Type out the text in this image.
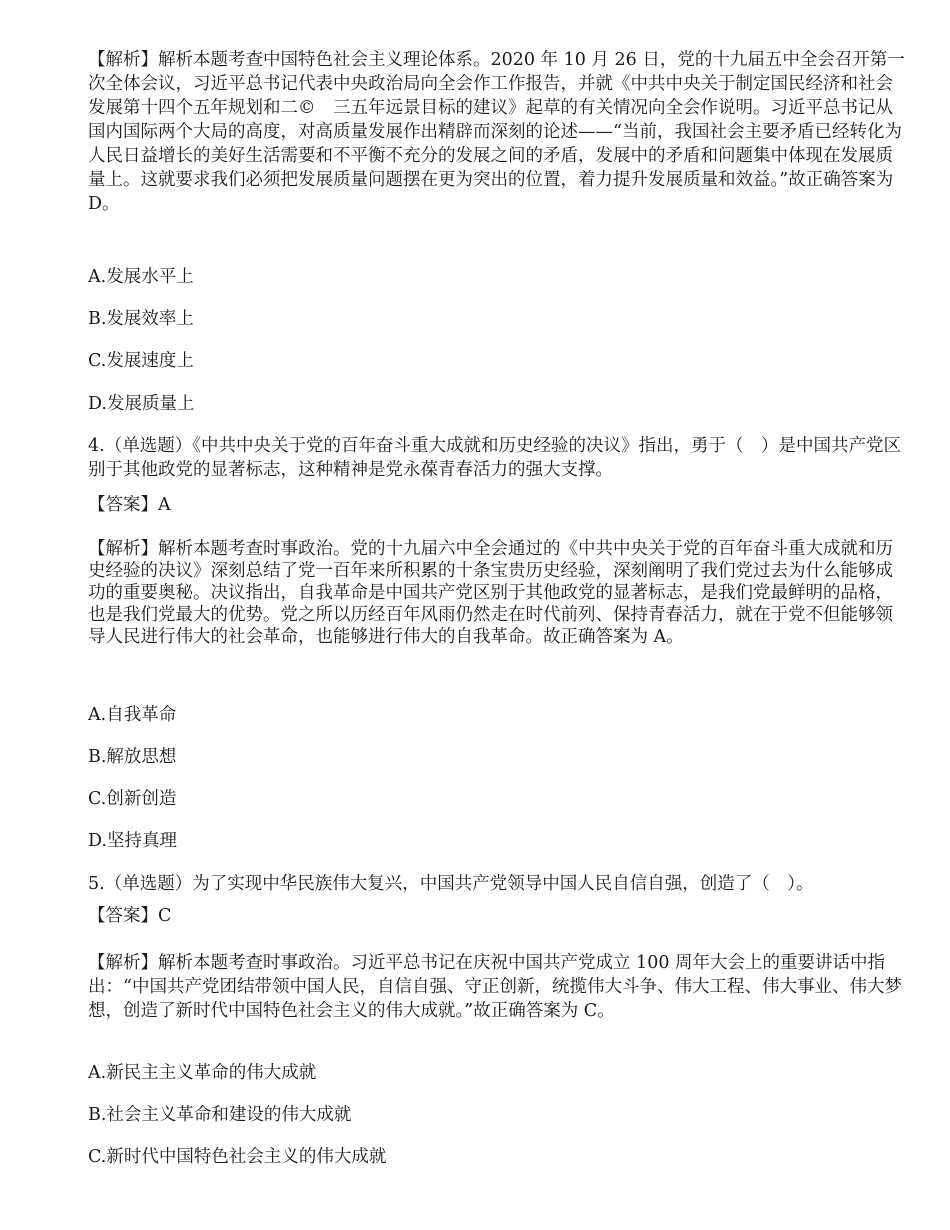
【解析】解析本题考查中国特色社会主义理论体系。2020 年 10 月 26 日，党的十九届五中全会召开第一次全体会议，习近平总书记代表中央政治局向全会作工作报告，并就《中共中央关于制定国民经济和社会发展第十四个五年规划和二©　三五年远景目标的建议》起草的有关情况向全会作说明。习近平总书记从国内国际两个大局的高度，对高质量发展作出精辟而深刻的论述——“当前，我国社会主要矛盾已经转化为人民日益增长的美好生活需要和不平衡不充分的发展之间的矛盾，发展中的矛盾和问题集中体现在发展质量上。这就要求我们必须把发展质量问题摆在更为突出的位置，着力提升发展质量和效益。”故正确答案为 D。

A.发展水平上

B.发展效率上

C.发展速度上

D.发展质量上

4.（单选题）《中共中央关于党的百年奋斗重大成就和历史经验的决议》指出，勇于（　）是中国共产党区别于其他政党的显著标志，这种精神是党永葆青春活力的强大支撑。

【答案】A

【解析】解析本题考查时事政治。党的十九届六中全会通过的《中共中央关于党的百年奋斗重大成就和历史经验的决议》深刻总结了党一百年来所积累的十条宝贵历史经验，深刻阐明了我们党过去为什么能够成功的重要奥秘。决议指出，自我革命是中国共产党区别于其他政党的显著标志，是我们党最鲜明的品格，也是我们党最大的优势。党之所以历经百年风雨仍然走在时代前列、保持青春活力，就在于党不但能够领导人民进行伟大的社会革命，也能够进行伟大的自我革命。故正确答案为 A。

A.自我革命

B.解放思想

C.创新创造

D.坚持真理

5.（单选题）为了实现中华民族伟大复兴，中国共产党领导中国人民自信自强，创造了（　）。

【答案】C

【解析】解析本题考查时事政治。习近平总书记在庆祝中国共产党成立 100 周年大会上的重要讲话中指出：“中国共产党团结带领中国人民，自信自强、守正创新，统揽伟大斗争、伟大工程、伟大事业、伟大梦想，创造了新时代中国特色社会主义的伟大成就。”故正确答案为 C。

A.新民主主义革命的伟大成就

B.社会主义革命和建设的伟大成就

C.新时代中国特色社会主义的伟大成就
